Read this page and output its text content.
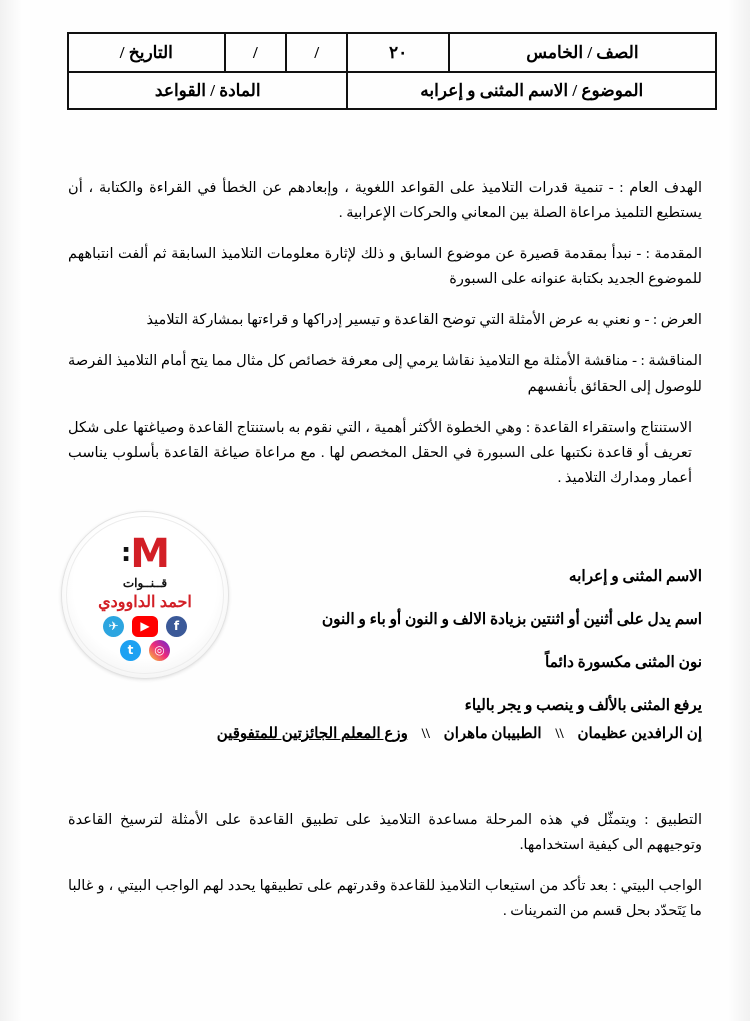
الصف / الخامس	٢٠	/	/	التاريخ /
الموضوع / الاسم المثنى و إعرابه		المادة / القواعد		

الهدف العام : - تنمية قدرات التلاميذ على القواعد اللغوية ، وإبعادهم عن الخطأ في القراءة والكتابة ، أن يستطيع التلميذ مراعاة الصلة بين المعاني والحركات الإعرابية .

المقدمة : - نبدأ بمقدمة قصيرة عن موضوع السابق و ذلك لإثارة معلومات التلاميذ السابقة ثم ألفت انتباههم للموضوع الجديد بكتابة عنوانه على السبورة

العرض : - و نعني به عرض الأمثلة التي توضح القاعدة و تيسير إدراكها و قراءتها بمشاركة التلاميذ

المناقشة : - مناقشة الأمثلة مع التلاميذ نقاشا يرمي إلى معرفة خصائص كل مثال مما يتح أمام التلاميذ الفرصة للوصول إلى الحقائق بأنفسهم

الاستنتاج واستقراء القاعدة : وهي الخطوة الأكثر أهمية ، التي نقوم به باستنتاج القاعدة وصياغتها على شكل تعريف أو قاعدة نكتبها على السبورة في الحقل المخصص لها . مع مراعاة صياغة القاعدة بأسلوب يناسب أعمار ومدارك التلاميذ .

الاسم المثنى و إعرابه

اسم يدل على أثنين أو اثنتين بزيادة الالف و النون أو باء و النون

نون المثنى مكسورة دائماً

يرفع المثنى بالألف و ينصب و يجر بالياء

إن الرافدين عظيمان \\ الطبيبان ماهران \\ وزع المعلم الجائزتين للمتفوقين

التطبيق : ويتمثّل في هذه المرحلة مساعدة التلاميذ على تطبيق القاعدة على الأمثلة لترسيخ القاعدة وتوجيههم الى كيفية استخدامها.

الواجب البيتي : بعد تأكد من استيعاب التلاميذ للقاعدة وقدرتهم على تطبيقها يحدد لهم الواجب البيتي ، و غالبا ما يَتَحدّد بحل قسم من التمرينات .

M:
قــنــوات
احمد الداوودي
f ▶ ✈
◎ t
